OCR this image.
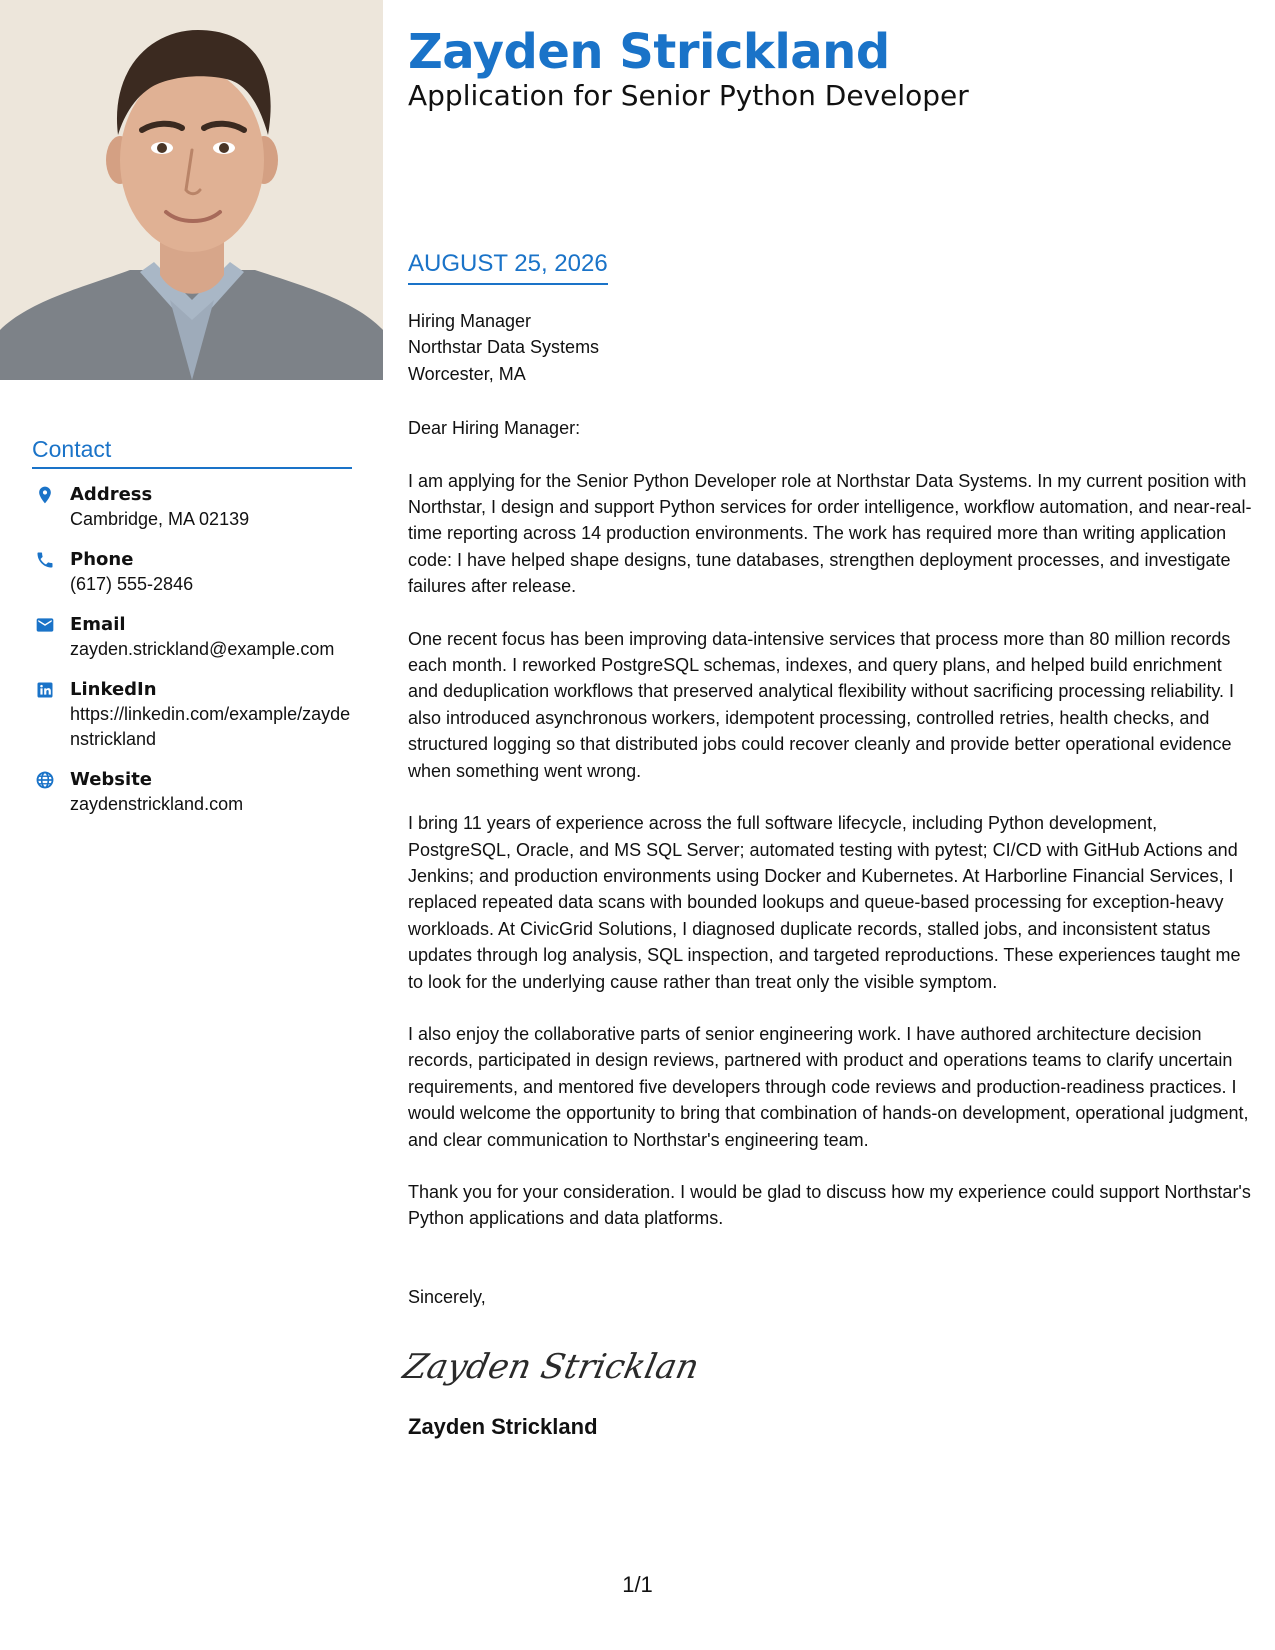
Contact
Address
Cambridge, MA 02139
Phone
(617) 555-2846
Email
zayden.strickland@example.com
LinkedIn
https://linkedin.com/example/zaydenstrickland
Website
zaydenstrickland.com
Zayden Strickland
Application for Senior Python Developer
AUGUST 25, 2026
Hiring Manager
Northstar Data Systems
Worcester, MA
Dear Hiring Manager:

I am applying for the Senior Python Developer role at Northstar Data Systems. In my current position with Northstar, I design and support Python services for order intelligence, workflow automation, and near-real-time reporting across 14 production environments. The work has required more than writing application code: I have helped shape designs, tune databases, strengthen deployment processes, and investigate failures after release.

One recent focus has been improving data-intensive services that process more than 80 million records each month. I reworked PostgreSQL schemas, indexes, and query plans, and helped build enrichment and deduplication workflows that preserved analytical flexibility without sacrificing processing reliability. I also introduced asynchronous workers, idempotent processing, controlled retries, health checks, and structured logging so that distributed jobs could recover cleanly and provide better operational evidence when something went wrong.

I bring 11 years of experience across the full software lifecycle, including Python development, PostgreSQL, Oracle, and MS SQL Server; automated testing with pytest; CI/CD with GitHub Actions and Jenkins; and production environments using Docker and Kubernetes. At Harborline Financial Services, I replaced repeated data scans with bounded lookups and queue-based processing for exception-heavy workloads. At CivicGrid Solutions, I diagnosed duplicate records, stalled jobs, and inconsistent status updates through log analysis, SQL inspection, and targeted reproductions. These experiences taught me to look for the underlying cause rather than treat only the visible symptom.

I also enjoy the collaborative parts of senior engineering work. I have authored architecture decision records, participated in design reviews, partnered with product and operations teams to clarify uncertain requirements, and mentored five developers through code reviews and production-readiness practices. I would welcome the opportunity to bring that combination of hands-on development, operational judgment, and clear communication to Northstar's engineering team.

Thank you for your consideration. I would be glad to discuss how my experience could support Northstar's Python applications and data platforms.

Sincerely,
Zayden Stricklan
Zayden Strickland
1/1
